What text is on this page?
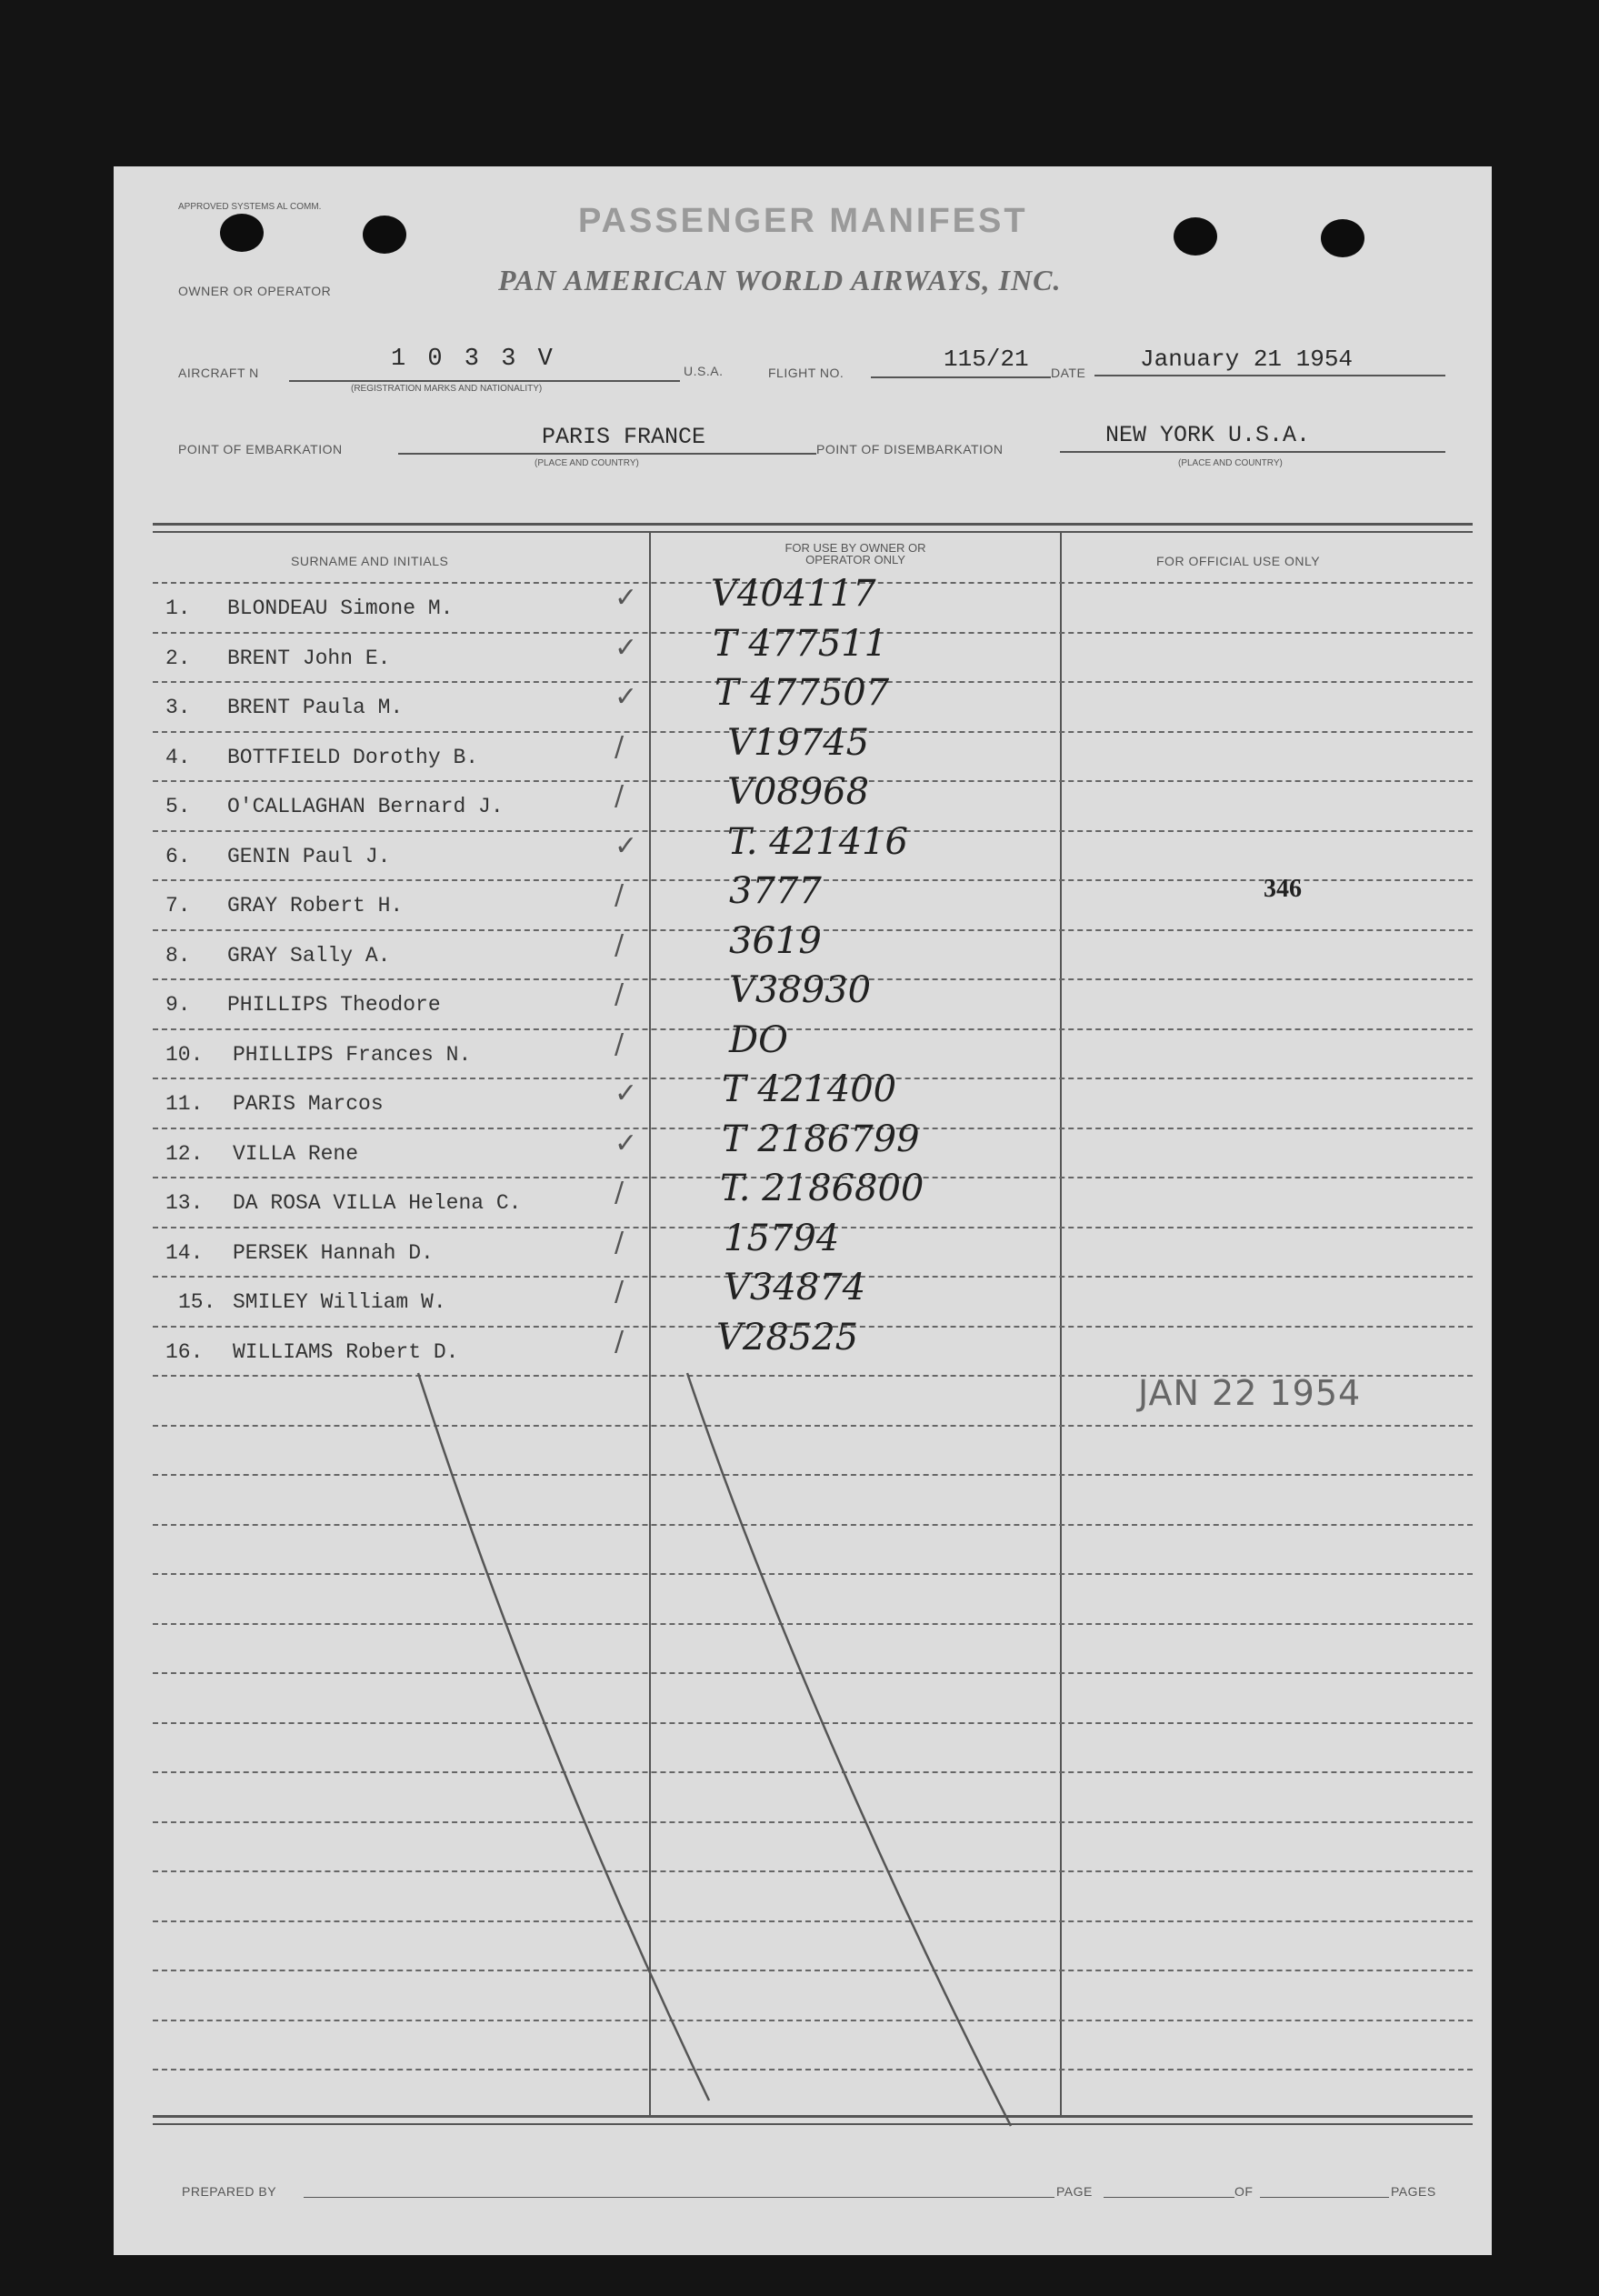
APPROVED SYSTEMS AL COMM.	PASSENGER MANIFEST
OWNER OR OPERATOR	PAN AMERICAN WORLD AIRWAYS, INC.
AIRCRAFT N	1 0 3 3 V
(REGISTRATION MARKS AND NATIONALITY)
U.S.A.	FLIGHT NO.	115/21 DATE January 21 1954
POINT OF EMBARKATION	PARIS FRANCE
(PLACE AND COUNTRY)
POINT OF DISEMBARKATION
NEW YORK U.S.A.
(PLACE AND COUNTRY)
SURNAME AND INITIALS
FOR USE BY OWNER OR OPERATOR ONLY	FOR OFFICIAL USE ONLY
1. BLONDEAU Simone M.	✓ V404117
2. BRENT John E.	✓ T 477511
3. BRENT Paula M.	✓ T 477507
4. BOTTFIELD Dorothy B.	/	V19745
5. O'CALLAGHAN Bernard J.	/	V08968
6. GENIN Paul J.	✓ T. 421416
7. GRAY Robert H.	/	3777
8. GRAY Sally A.	/	3619
9. PHILLIPS Theodore	/	V38930
10. PHILLIPS Frances N.	/	DO
11. PARIS Marcos	✓ T 421400
12. VILLA Rene	✓ T 2186799
13. DA ROSA VILLA Helena C.	/	T. 2186800
14. PERSEK Hannah D.	/	15794
15. SMILEY William W.	/	V34874
16. WILLIAMS Robert D.	/	V28525
346
JAN 22 1954
PREPARED BY	PAGE	OF	PAGES
